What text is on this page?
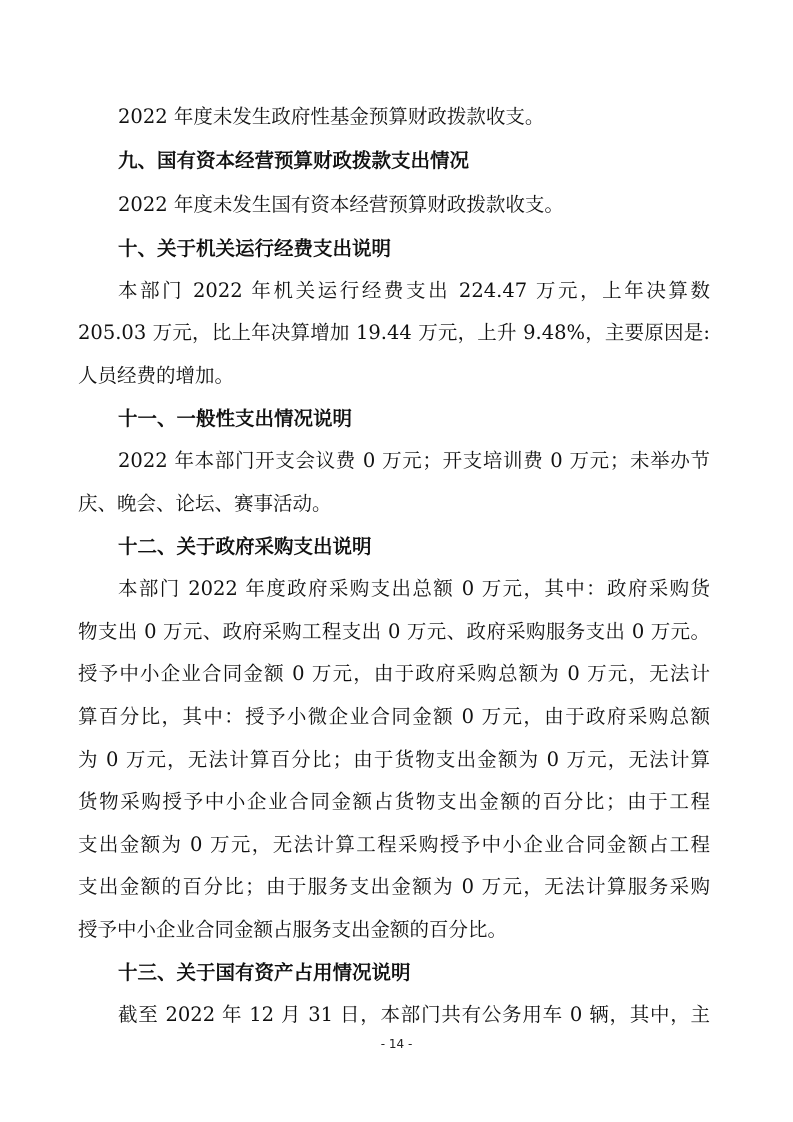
2022 年度未发生政府性基金预算财政拨款收支。
九、国有资本经营预算财政拨款支出情况
2022 年度未发生国有资本经营预算财政拨款收支。
十、关于机关运行经费支出说明
本部门 2022 年机关运行经费支出 224.47 万元，上年决算数
205.03 万元，比上年决算增加 19.44 万元，上升 9.48%，主要原因是:
人员经费的增加。
十一、一般性支出情况说明
2022 年本部门开支会议费 0 万元；开支培训费 0 万元；未举办节
庆、晚会、论坛、赛事活动。
十二、关于政府采购支出说明
本部门 2022 年度政府采购支出总额 0 万元，其中：政府采购货
物支出 0 万元、政府采购工程支出 0 万元、政府采购服务支出 0 万元。
授予中小企业合同金额 0 万元，由于政府采购总额为 0 万元，无法计
算百分比，其中：授予小微企业合同金额 0 万元，由于政府采购总额
为 0 万元，无法计算百分比；由于货物支出金额为 0 万元，无法计算
货物采购授予中小企业合同金额占货物支出金额的百分比；由于工程
支出金额为 0 万元，无法计算工程采购授予中小企业合同金额占工程
支出金额的百分比；由于服务支出金额为 0 万元，无法计算服务采购
授予中小企业合同金额占服务支出金额的百分比。
十三、关于国有资产占用情况说明
截至 2022 年 12 月 31 日，本部门共有公务用车 0 辆，其中，主
- 14 -
